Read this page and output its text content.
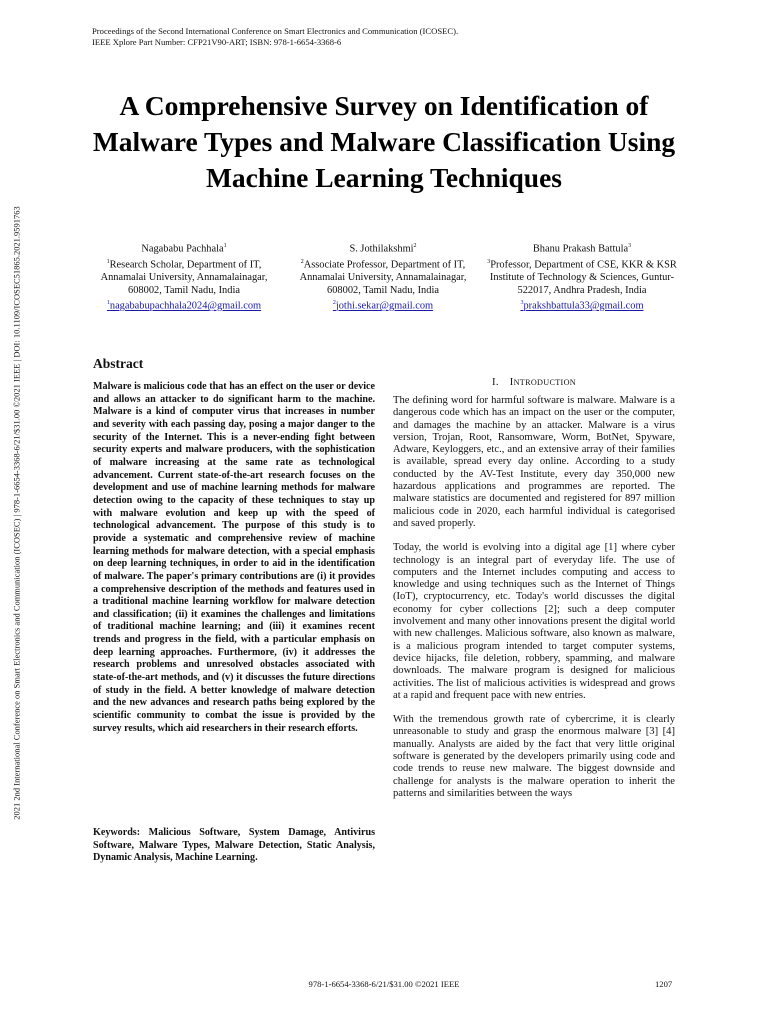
Proceedings of the Second International Conference on Smart Electronics and Communication (ICOSEC).
IEEE Xplore Part Number: CFP21V90-ART; ISBN: 978-1-6654-3368-6
2021 2nd International Conference on Smart Electronics and Communication (ICOSEC) | 978-1-6654-3368-6/21/$31.00 ©2021 IEEE | DOI: 10.1109/ICOSEC51865.2021.9591763
A Comprehensive Survey on Identification of Malware Types and Malware Classification Using Machine Learning Techniques
Nagababu Pachhala$^1$
$^1$Research Scholar, Department of IT, Annamalai University, Annamalainagar, 608002, Tamil Nadu, India
$^1$nagababupachhala2024@gmail.com
S. Jothilakshmi$^2$
$^2$Associate Professor, Department of IT, Annamalai University, Annamalainagar, 608002, Tamil Nadu, India
$^2$jothi.sekar@gmail.com
Bhanu Prakash Battula$^3$
$^3$Professor, Department of CSE, KKR & KSR Institute of Technology & Sciences, Guntur-522017, Andhra Pradesh, India
$^3$prakshbattula33@gmail.com
Abstract
Malware is malicious code that has an effect on the user or device and allows an attacker to do significant harm to the machine. Malware is a kind of computer virus that increases in number and severity with each passing day, posing a major danger to the security of the Internet. This is a never-ending fight between security experts and malware producers, with the sophistication of malware increasing at the same rate as technological advancement. Current state-of-the-art research focuses on the development and use of machine learning methods for malware detection owing to the capacity of these techniques to stay up with malware evolution and keep up with the speed of technological advancement. The purpose of this study is to provide a systematic and comprehensive review of machine learning methods for malware detection, with a special emphasis on deep learning techniques, in order to aid in the identification of malware. The paper's primary contributions are (i) it provides a comprehensive description of the methods and features used in a traditional machine learning workflow for malware detection and classification; (ii) it examines the challenges and limitations of traditional machine learning; and (iii) it examines recent trends and progress in the field, with a particular emphasis on deep learning approaches. Furthermore, (iv) it addresses the research problems and unresolved obstacles associated with state-of-the-art methods, and (v) it discusses the future directions of study in the field. A better knowledge of malware detection and the new advances and research paths being explored by the scientific community to combat the issue is provided by the survey results, which aid researchers in their research efforts.
Keywords: Malicious Software, System Damage, Antivirus Software, Malware Types, Malware Detection, Static Analysis, Dynamic Analysis, Machine Learning.
I. INTRODUCTION

The defining word for harmful software is malware. Malware is a dangerous code which has an impact on the user or the computer, and damages the machine by an attacker. Malware is a virus version, Trojan, Root, Ransomware, Worm, BotNet, Spyware, Adware, Keyloggers, etc., and an extensive array of their families is available, spread every day online. According to a study conducted by the AV-Test Institute, every day 350,000 new hazardous applications and programmes are reported. The malware statistics are documented and registered for 897 million malicious code in 2020, each harmful individual is categorised and saved properly.

Today, the world is evolving into a digital age [1] where cyber technology is an integral part of everyday life. The use of computers and the Internet includes computing and access to knowledge and using techniques such as the Internet of Things (IoT), cryptocurrency, etc. Today's world discusses the digital economy for cyber collections [2]; such a deep computer involvement and many other innovations present the digital world with new challenges. Malicious software, also known as malware, is a malicious program intended to target computer systems, device hijacks, file deletion, robbery, spamming, and malware downloads. The malware program is designed for malicious activities. The list of malicious activities is widespread and grows at a rapid and frequent pace with new entries.

With the tremendous growth rate of cybercrime, it is clearly unreasonable to study and grasp the enormous malware [3] [4] manually. Analysts are aided by the fact that very little original software is generated by the developers primarily using code and code trends to reuse new malware. The biggest downside and challenge for analysts is the malware operation to inherit the patterns and similarities between the ways

978-1-6654-3368-6/21/$31.00 ©2021 IEEE	1207
